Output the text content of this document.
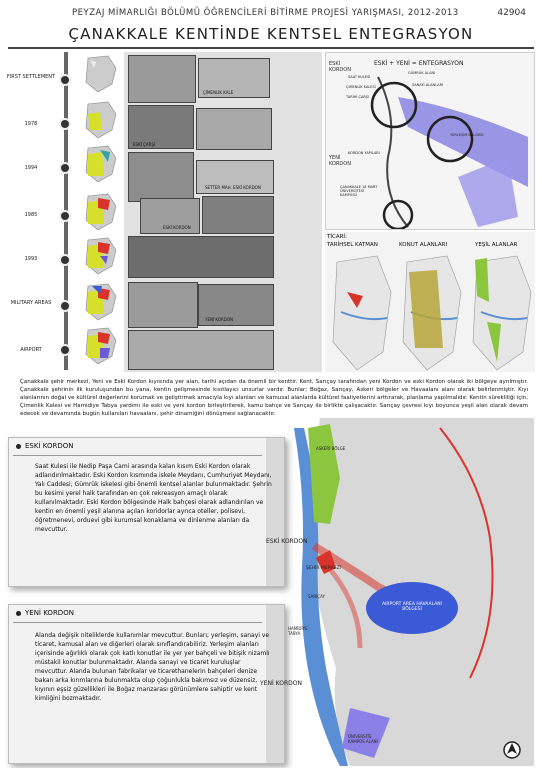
PEYZAJ MİMARLIĞI BÖLÜMÜ ÖĞRENCİLERİ BİTİRME PROJESİ YARIŞMASI, 2012-2013	42904
ÇANAKKALE KENTİNDE KENTSEL ENTEGRASYON
FIRST SETTLEMENT
1978
1994
1985
1993
MILITARY AREAS
AIRPORT
ÇİMENLİK KALE
ESKİ ÇARŞI
SETTER MAH. ESKİ KORDON
ESKİ KORDON
YENİ KORDON
ESKİ + YENİ = ENTEGRASYON
ESKİ KORDON
YENİ KORDON
SAAT KULESİ
ÇİMENLİK KALESİ
TARİHİ ÇARŞI
GÜMRÜK ALANI
SANAYİ ALANLARI
KORDON YAPILARI
YERLEŞİM BÖLGESİ
ÇANAKKALE 18 MART ÜNİVERSİTESİ KAMPÜSÜ
TİCARİ:
TARİHSEL KATMAN	KONUT ALANLARI	YEŞİL ALANLAR

Çanakkale şehir merkezi, Yeni ve Eski Kordon kıyısında yer alan, tarihi açıdan da önemli bir kenttir. Kent, Sarıçay tarafından yeni Kordon ve eski Kordon olarak iki bölgeye ayrılmıştır. Çanakkale şehrinin ilk kuruluşundan bu yana, kentin gelişmesinde kısıtlayıcı unsurlar vardır. Bunlar; Boğaz, Sarıçay, Askeri bölgeler ve Havaalanı alanı olarak belirlenmiştir. Kıyı alanlarının doğal ve kültürel değerlerini korumak ve geliştirmek amacıyla kıyı alanları ve kamusal alanlarda kültürel faaliyetlerini arttırarak, planlama yapılmalıdır. Kentin sürekliliği için, Çimenlik Kalesi ve Hamidiye Tabya yardımı ile eski ve yeni kordon birleştirilerek, kamu bahçe ve Sarıçay ile birlikte çalışacaktır. Sarıçay çevresi kıyı boyunca yeşil alan olarak devam edecek ve devamında bugün kullanılan havaalanı, şehir dinamiğini dönüşmesi sağlanacaktır.

ESKİ KORDON
Saat Kulesi ile Nedip Paşa Cami arasında kalan kısım Eski Kordon olarak adlandırılmaktadır. Eski Kordon kısmında iskele Meydanı, Cumhuriyet Meydanı, Yalı Caddesi, Gümrük iskelesi gibi önemli kentsel alanlar bulunmaktadır. Şehrin bu kesimi yerel halk tarafından en çok rekreasyon amaçlı olarak kullanılmaktadır. Eski Kordon bölgesinde Halk bahçesi olarak adlandırılan ve kentin en önemli yeşil alanına açılan koridorlar ayrıca oteller, polisevi, öğretmenevi, orduevi gibi kurumsal konaklama ve dinlenme alanları da mevcuttur.
YENİ KORDON
Alanda değişik niteliklerde kullanımlar mevcuttur. Bunları; yerleşim, sanayi ve ticaret, kamusal alan ve diğerleri olarak sınıflandırabiliriz. Yerleşim alanları içerisinde ağırlıklı olarak çok katlı konutlar ile yer yer bahçeli ve bitişik nizamlı müstakil konutlar bulunmaktadır. Alanda sanayi ve ticaret kuruluşlar mevcuttur. Alanda bulunan fabrikalar ve ticarethanelerin bahçeleri denize bakan arka kırımlarına bulunmakta olup çoğunlukla bakımsız ve düzensiz, kıyının eşsiz güzellikleri ile Boğaz manzarası görünümlere sahiptir ve kent kimliğini bozmaktadır.
ASKERİ BÖLGE
ESKİ KORDON
ŞEHİR MERKEZİ
SARIÇAY
HAMİDİYE TABYA
AIRPORT AREA HAVAALANI BÖLGESİ
YENİ KORDON
ÜNİVERSİTE KAMPÜS ALANI
